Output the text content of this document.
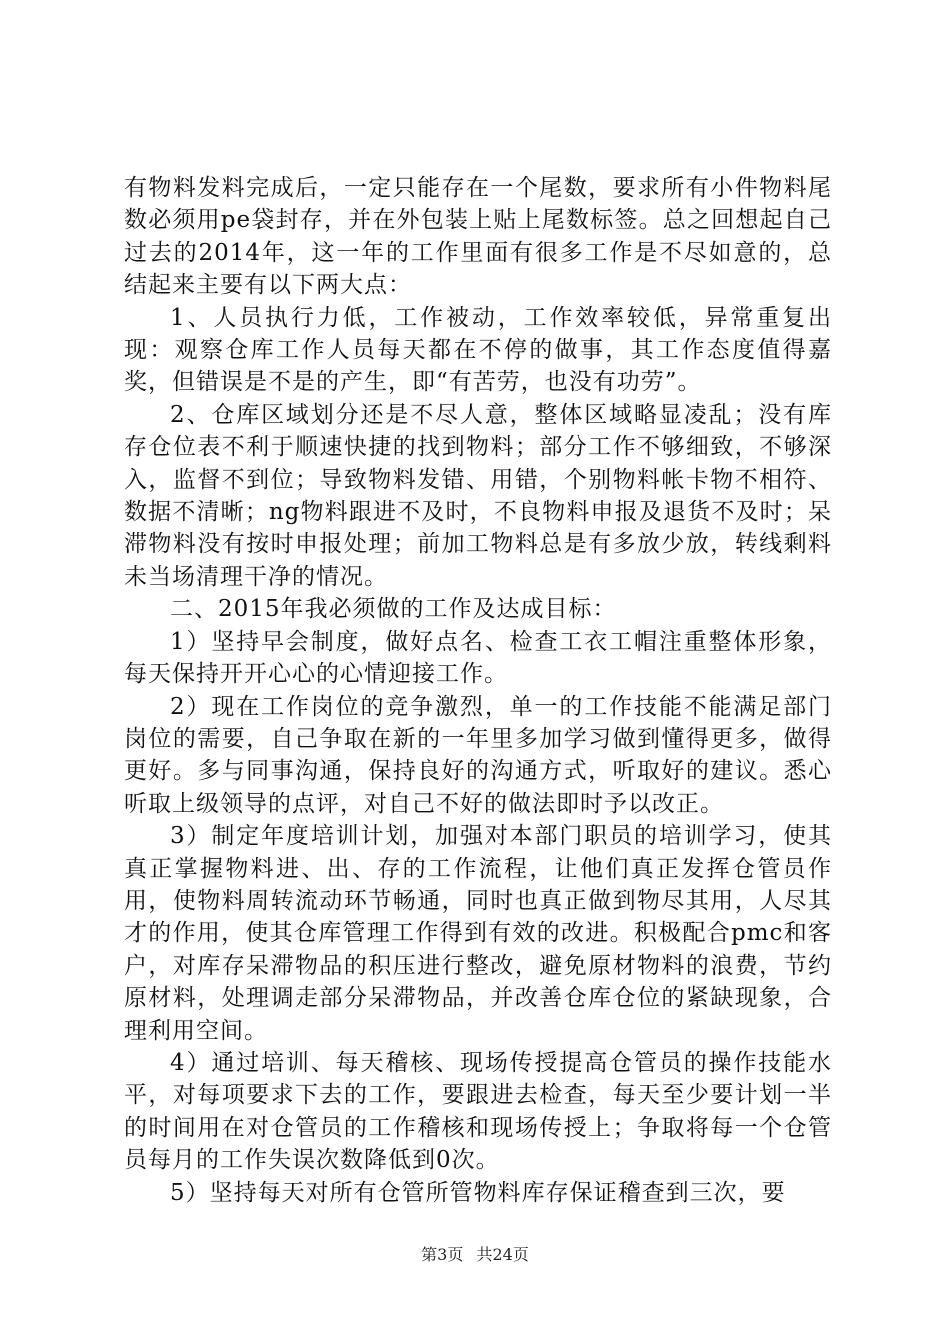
有物料发料完成后，一定只能存在一个尾数，要求所有小件物料尾数必须用pe袋封存，并在外包装上贴上尾数标签。总之回想起自己过去的2014年，这一年的工作里面有很多工作是不尽如意的，总结起来主要有以下两大点：

1、人员执行力低，工作被动，工作效率较低，异常重复出现：观察仓库工作人员每天都在不停的做事，其工作态度值得嘉奖，但错误是不是的产生，即“有苦劳，也没有功劳”。

2、仓库区域划分还是不尽人意，整体区域略显凌乱；没有库存仓位表不利于顺速快捷的找到物料；部分工作不够细致，不够深入，监督不到位；导致物料发错、用错，个别物料帐卡物不相符、数据不清晰；ng物料跟进不及时，不良物料申报及退货不及时；呆滞物料没有按时申报处理；前加工物料总是有多放少放，转线剩料未当场清理干净的情况。

二、2015年我必须做的工作及达成目标：

1）坚持早会制度，做好点名、检查工衣工帽注重整体形象，每天保持开开心心的心情迎接工作。

2）现在工作岗位的竞争激烈，单一的工作技能不能满足部门岗位的需要，自己争取在新的一年里多加学习做到懂得更多，做得更好。多与同事沟通，保持良好的沟通方式，听取好的建议。悉心听取上级领导的点评，对自己不好的做法即时予以改正。

3）制定年度培训计划，加强对本部门职员的培训学习，使其真正掌握物料进、出、存的工作流程，让他们真正发挥仓管员作用，使物料周转流动环节畅通，同时也真正做到物尽其用，人尽其才的作用，使其仓库管理工作得到有效的改进。积极配合pmc和客户，对库存呆滞物品的积压进行整改，避免原材物料的浪费，节约原材料，处理调走部分呆滞物品，并改善仓库仓位的紧缺现象，合理利用空间。

4）通过培训、每天稽核、现场传授提高仓管员的操作技能水平，对每项要求下去的工作，要跟进去检查，每天至少要计划一半的时间用在对仓管员的工作稽核和现场传授上；争取将每一个仓管员每月的工作失误次数降低到0次。

5）坚持每天对所有仓管所管物料库存保证稽查到三次，要

第3页 共24页
